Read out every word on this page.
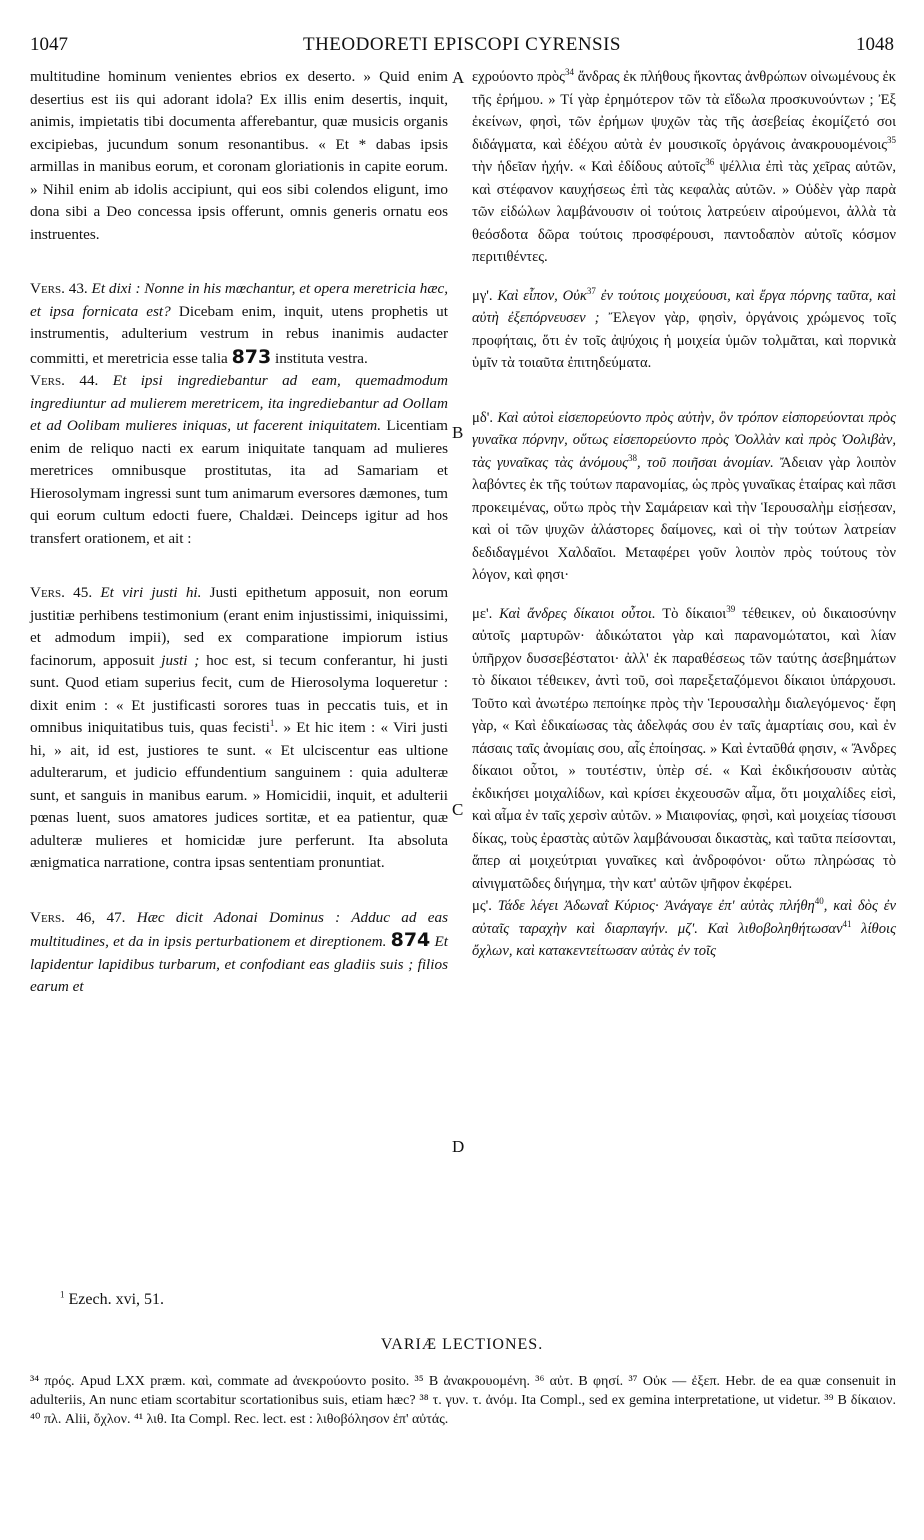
1047	THEODORETI EPISCOPI CYRENSIS	1048
A
B
C
D

multitudine hominum venientes ebrios ex deserto. » Quid enim desertius est iis qui adorant idola? Ex illis enim desertis, inquit, animis, impietatis tibi documenta afferebantur, quæ musicis organis excipiebas, jucundum sonum resonantibus. « Et * dabas ipsis armillas in manibus eorum, et coronam gloriationis in capite eorum. » Nihil enim ab idolis accipiunt, qui eos sibi colendos eligunt, imo dona sibi a Deo concessa ipsis offerunt, omnis generis ornatu eos instruentes.

Vers. 43. Et dixi : Nonne in his mœchantur, et opera meretricia hæc, et ipsa fornicata est? Dicebam enim, inquit, utens prophetis ut instrumentis, adulterium vestrum in rebus inanimis audacter committi, et meretricia esse talia 873 instituta vestra.

Vers. 44. Et ipsi ingrediebantur ad eam, quemadmodum ingrediuntur ad mulierem meretricem, ita ingrediebantur ad Oollam et ad Oolibam mulieres iniquas, ut facerent iniquitatem. Licentiam enim de reliquo nacti ex earum iniquitate tanquam ad mulieres meretrices omnibusque prostitutas, ita ad Samariam et Hierosolymam ingressi sunt tum animarum eversores dæmones, tum qui eorum cultum edocti fuere, Chaldæi. Deinceps igitur ad hos transfert orationem, et ait :

Vers. 45. Et viri justi hi. Justi epithetum apposuit, non eorum justitiæ perhibens testimonium (erant enim injustissimi, iniquissimi, et admodum impii), sed ex comparatione impiorum istius facinorum, apposuit justi ; hoc est, si tecum conferantur, hi justi sunt. Quod etiam superius fecit, cum de Hierosolyma loqueretur : dixit enim : « Et justificasti sorores tuas in peccatis tuis, et in omnibus iniquitatibus tuis, quas fecisti$^1$. » Et hic item : « Viri justi hi, » ait, id est, justiores te sunt. « Et ulciscentur eas ultione adulterarum, et judicio effundentium sanguinem : quia adulteræ sunt, et sanguis in manibus earum. » Homicidii, inquit, et adulterii pœnas luent, suos amatores judices sortitæ, et ea patientur, quæ adulteræ mulieres et homicidæ jure perferunt. Ita absoluta ænigmatica narratione, contra ipsas sententiam pronuntiat.

Vers. 46, 47. Hæc dicit Adonai Dominus : Adduc ad eas multitudines, et da in ipsis perturbationem et direptionem. 874 Et lapidentur lapidibus turbarum, et confodiant eas gladiis suis ; filios earum et

εχρούοντο πρὸς$^{34}$ ἄνδρας ἐκ πλήθους ἥκοντας ἀνθρώπων οἰνωμένους ἐκ τῆς ἐρήμου. » Τί γὰρ ἐρημότερον τῶν τὰ εἴδωλα προσκυνούντων ; Ἐξ ἐκείνων, φησὶ, τῶν ἐρήμων ψυχῶν τὰς τῆς ἀσεβείας ἐκομίζετό σοι διδάγματα, καὶ ἐδέχου αὐτὰ ἐν μουσικοῖς ὀργάνοις ἀνακρουομένοις$^{35}$ τὴν ἡδεῖαν ἠχήν. « Καὶ ἐδίδους αὐτοῖς$^{36}$ ψέλλια ἐπὶ τὰς χεῖρας αὐτῶν, καὶ στέφανον καυχήσεως ἐπὶ τὰς κεφαλὰς αὐτῶν. » Οὐδὲν γὰρ παρὰ τῶν εἰδώλων λαμβάνουσιν οἱ τούτοις λατρεύειν αἱρούμενοι, ἀλλὰ τὰ θεόσδοτα δῶρα τούτοις προσφέρουσι, παντοδαπὸν αὐτοῖς κόσμον περιτιθέντες.

μγ'. Καὶ εἶπον, Οὐκ$^{37}$ ἐν τούτοις μοιχεύουσι, καὶ ἔργα πόρνης ταῦτα, καὶ αὐτὴ ἐξεπόρνευσεν ; Ἔλεγον γὰρ, φησὶν, ὀργάνοις χρώμενος τοῖς προφήταις, ὅτι ἐν τοῖς ἀψύχοις ἡ μοιχεία ὑμῶν τολμᾶται, καὶ πορνικὰ ὑμῖν τὰ τοιαῦτα ἐπιτηδεύματα.

μδ'. Καὶ αὐτοὶ εἰσεπορεύοντο πρὸς αὐτὴν, ὃν τρόπον εἰσπορεύονται πρὸς γυναῖκα πόρνην, οὕτως εἰσεπορεύοντο πρὸς Ὀολλὰν καὶ πρὸς Ὀολιβὰν, τὰς γυναῖκας τὰς ἀνόμους$^{38}$, τοῦ ποιῆσαι ἀνομίαν. Ἄδειαν γὰρ λοιπὸν λαβόντες ἐκ τῆς τούτων παρανομίας, ὡς πρὸς γυναῖκας ἑταίρας καὶ πᾶσι προκειμένας, οὕτω πρὸς τὴν Σαμάρειαν καὶ τὴν Ἱερουσαλὴμ εἰσῄεσαν, καὶ οἱ τῶν ψυχῶν ἀλάστορες δαίμονες, καὶ οἱ τὴν τούτων λατρείαν δεδιδαγμένοι Χαλδαῖοι. Μεταφέρει γοῦν λοιπὸν πρὸς τούτους τὸν λόγον, καὶ φησι·

με'. Καὶ ἄνδρες δίκαιοι οὗτοι. Τὸ δίκαιοι$^{39}$ τέθεικεν, οὐ δικαιοσύνην αὐτοῖς μαρτυρῶν· ἀδικώτατοι γὰρ καὶ παρανομώτατοι, καὶ λίαν ὑπῆρχον δυσσεβέστατοι· ἀλλ' ἐκ παραθέσεως τῶν ταύτης ἀσεβημάτων τὸ δίκαιοι τέθεικεν, ἀντὶ τοῦ, σοὶ παρεξεταζόμενοι δίκαιοι ὑπάρχουσι. Τοῦτο καὶ ἀνωτέρω πεποίηκε πρὸς τὴν Ἱερουσαλὴμ διαλεγόμενος· ἔφη γὰρ, « Καὶ ἐδικαίωσας τὰς ἀδελφάς σου ἐν ταῖς ἁμαρτίαις σου, καὶ ἐν πάσαις ταῖς ἀνομίαις σου, αἷς ἐποίησας. » Καὶ ἐνταῦθά φησιν, « Ἄνδρες δίκαιοι οὗτοι, » τουτέστιν, ὑπὲρ σέ. « Καὶ ἐκδικήσουσιν αὐτὰς ἐκδικήσει μοιχαλίδων, καὶ κρίσει ἐκχεουσῶν αἷμα, ὅτι μοιχαλίδες εἰσὶ, καὶ αἷμα ἐν ταῖς χερσὶν αὐτῶν. » Μιαιφονίας, φησὶ, καὶ μοιχείας τίσουσι δίκας, τοὺς ἐραστὰς αὐτῶν λαμβάνουσαι δικαστὰς, καὶ ταῦτα πείσονται, ἅπερ αἱ μοιχεύτριαι γυναῖκες καὶ ἀνδροφόνοι· οὕτω πληρώσας τὸ αἰνιγματῶδες διήγημα, τὴν κατ' αὐτῶν ψῆφον ἐκφέρει.

μς'. Τάδε λέγει Ἀδωναῒ Κύριος· Ἀνάγαγε ἐπ' αὐτὰς πλήθη$^{40}$, καὶ δὸς ἐν αὐταῖς ταραχὴν καὶ διαρπαγήν. μζ'. Καὶ λιθοβοληθήτωσαν$^{41}$ λίθοις ὄχλων, καὶ κατακεντείτωσαν αὐτὰς ἐν τοῖς

$^1$ Ezech. xvi, 51.
VARIÆ LECTIONES.
³⁴ πρός. Apud LXX præm. καὶ, commate ad ἀνεκρούοντο posito. ³⁵ B ἀνακρουομένη. ³⁶ αὐτ. B φησί. ³⁷ Οὐκ — ἐξεπ. Hebr. de ea quæ consenuit in adulteriis, An nunc etiam scortabitur scortationibus suis, etiam hæc? ³⁸ τ. γυν. τ. ἀνόμ. Ita Compl., sed ex gemina interpretatione, ut videtur. ³⁹ B δίκαιον. ⁴⁰ πλ. Alii, ὄχλον. ⁴¹ λιθ. Ita Compl. Rec. lect. est : λιθοβόλησον ἐπ' αὐτάς.
